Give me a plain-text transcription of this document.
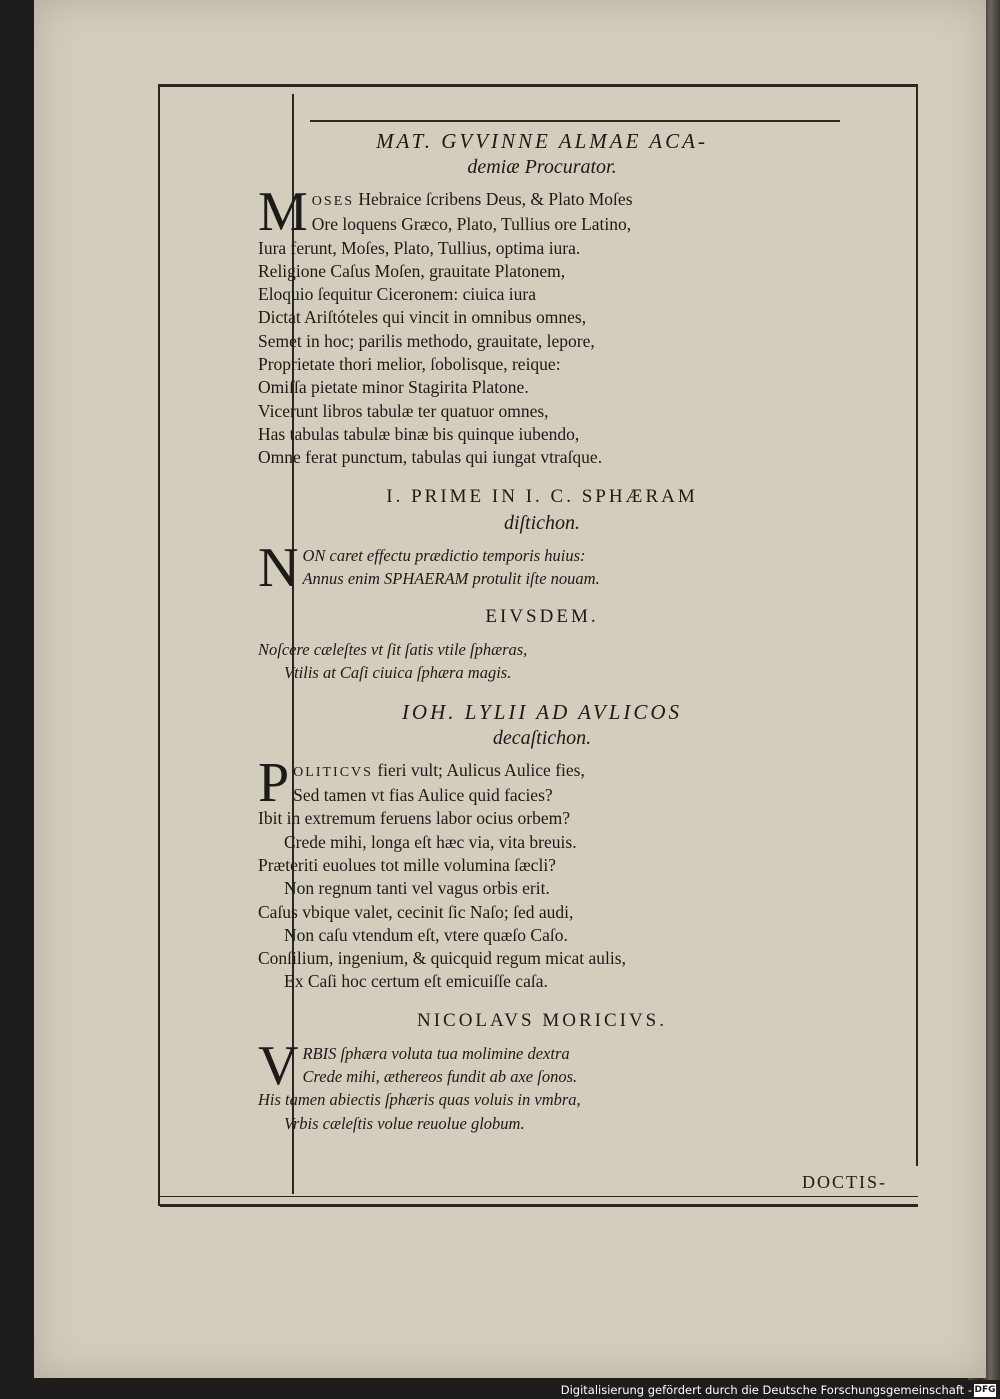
MAT. GVVINNE ALMAE ACA-
demiæ Procurator.
M OSES Hebraice ſcribens Deus, & Plato Moſes
Ore loquens Græco, Plato, Tullius ore Latino,
Iura ferunt, Moſes, Plato, Tullius, optima iura.
Religione Caſus Moſen, grauitate Platonem,
Eloquio ſequitur Ciceronem: ciuica iura
Dictat Ariſtóteles qui vincit in omnibus omnes,
Semet in hoc; parilis methodo, grauitate, lepore,
Proprietate thori melior, ſobolisque, reique:
Omiſſa pietate minor Stagirita Platone.
Vicerunt libros tabulæ ter quatuor omnes,
Has tabulas tabulæ binæ bis quinque iubendo,
Omne ferat punctum, tabulas qui iungat vtraſque.
I. PRIME IN I. C. SPHÆRAM
diſtichon.
N ON caret effectu prædictio temporis huius:
Annus enim SPHAERAM protulit iſte nouam.
EIVSDEM.
Noſcere cæleſtes vt ſit ſatis vtile ſphæras,
Vtilis at Caſi ciuica ſphæra magis.
IOH. LYLII AD AVLICOS
decaſtichon.
P OLITICVS fieri vult; Aulicus Aulice fies,
Sed tamen vt fias Aulice quid facies?
Ibit in extremum feruens labor ocius orbem?
Crede mihi, longa eſt hæc via, vita breuis.
Præteriti euolues tot mille volumina ſæcli?
Non regnum tanti vel vagus orbis erit.
Caſus vbique valet, cecinit ſic Naſo; ſed audi,
Non caſu vtendum eſt, vtere quæſo Caſo.
Conſilium, ingenium, & quicquid regum micat aulis,
Ex Caſi hoc certum eſt emicuiſſe caſa.
NICOLAVS MORICIVS.
V RBIS ſphæra voluta tua molimine dextra
Crede mihi, æthereos fundit ab axe ſonos.
His tamen abiectis ſphæris quas voluis in vmbra,
Vrbis cæleſtis volue reuolue globum.
DOCTIS-
Digitalisierung gefördert durch die Deutsche Forschungsgemeinschaft - DFG
